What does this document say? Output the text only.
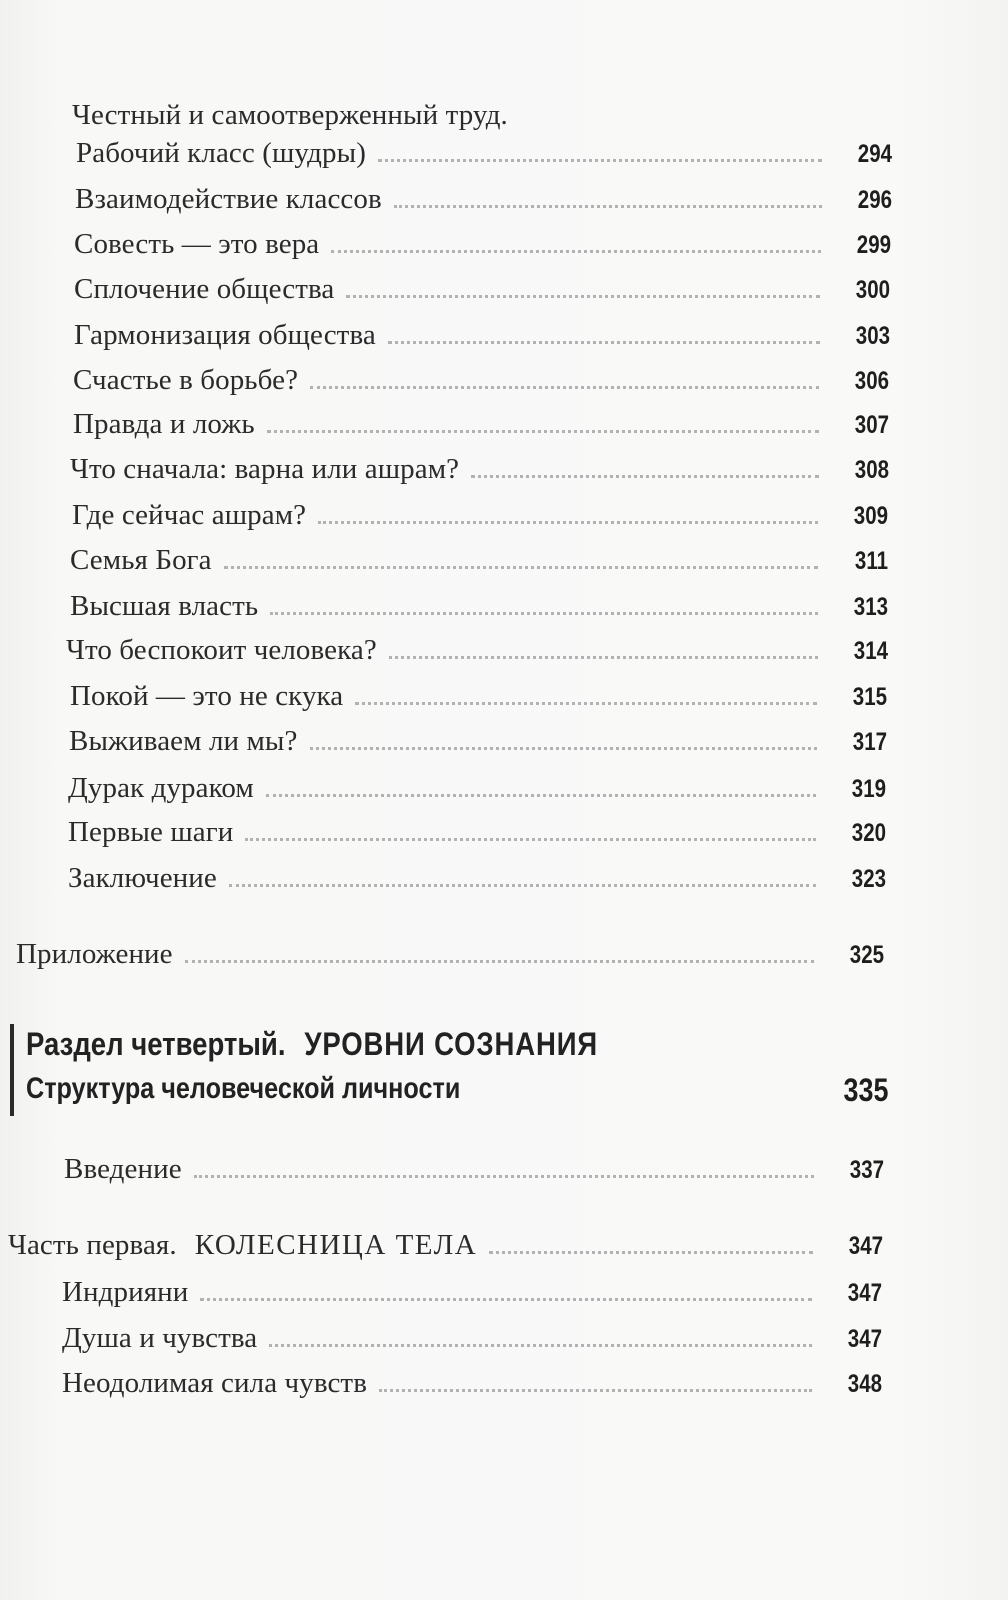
Честный и самоотверженный труд.
Рабочий класс (шудры)	294
Взаимодействие классов	296
Совесть — это вера	299
Сплочение общества	300
Гармонизация общества	303
Счастье в борьбе?	306
Правда и ложь	307
Что сначала: варна или ашрам?	308
Где сейчас ашрам?	309
Семья Бога	311
Высшая власть	313
Что беспокоит человека?	314
Покой — это не скука	315
Выживаем ли мы?	317
Дурак дураком	319
Первые шаги	320
Заключение	323
Приложение	325
Раздел четвертый. УРОВНИ СОЗНАНИЯ
Структура человеческой личности	335
Введение	337
Часть первая. КОЛЕСНИЦА ТЕЛА	347
Индрияни	347
Душа и чувства	347
Неодолимая сила чувств	348
